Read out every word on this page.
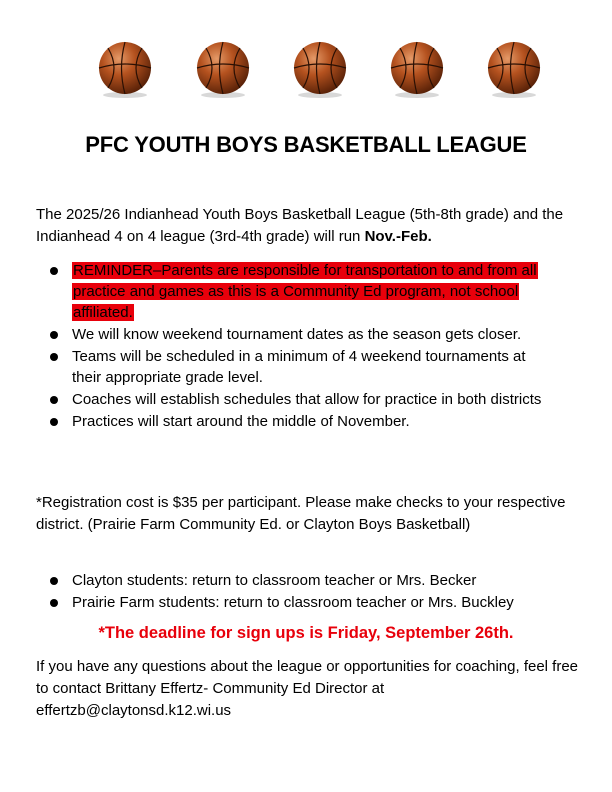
PFC YOUTH BOYS BASKETBALL LEAGUE
The 2025/26 Indianhead Youth Boys Basketball League (5th-8th grade) and the Indianhead 4 on 4 league (3rd-4th grade) will run Nov.-Feb.
REMINDER–Parents are responsible for transportation to and from all practice and games as this is a Community Ed program, not school affiliated.
We will know weekend tournament dates as the season gets closer.
Teams will be scheduled in a minimum of 4 weekend tournaments at their appropriate grade level.
Coaches will establish schedules that allow for practice in both districts
Practices will start around the middle of November.
*Registration cost is $35 per participant. Please make checks to your respective district. (Prairie Farm Community Ed. or Clayton Boys Basketball)
Clayton students: return to classroom teacher or Mrs. Becker
Prairie Farm students: return to classroom teacher or Mrs. Buckley
*The deadline for sign ups is Friday, September 26th.
If you have any questions about the league or opportunities for coaching, feel free to contact Brittany Effertz- Community Ed Director at effertzb@claytonsd.k12.wi.us
